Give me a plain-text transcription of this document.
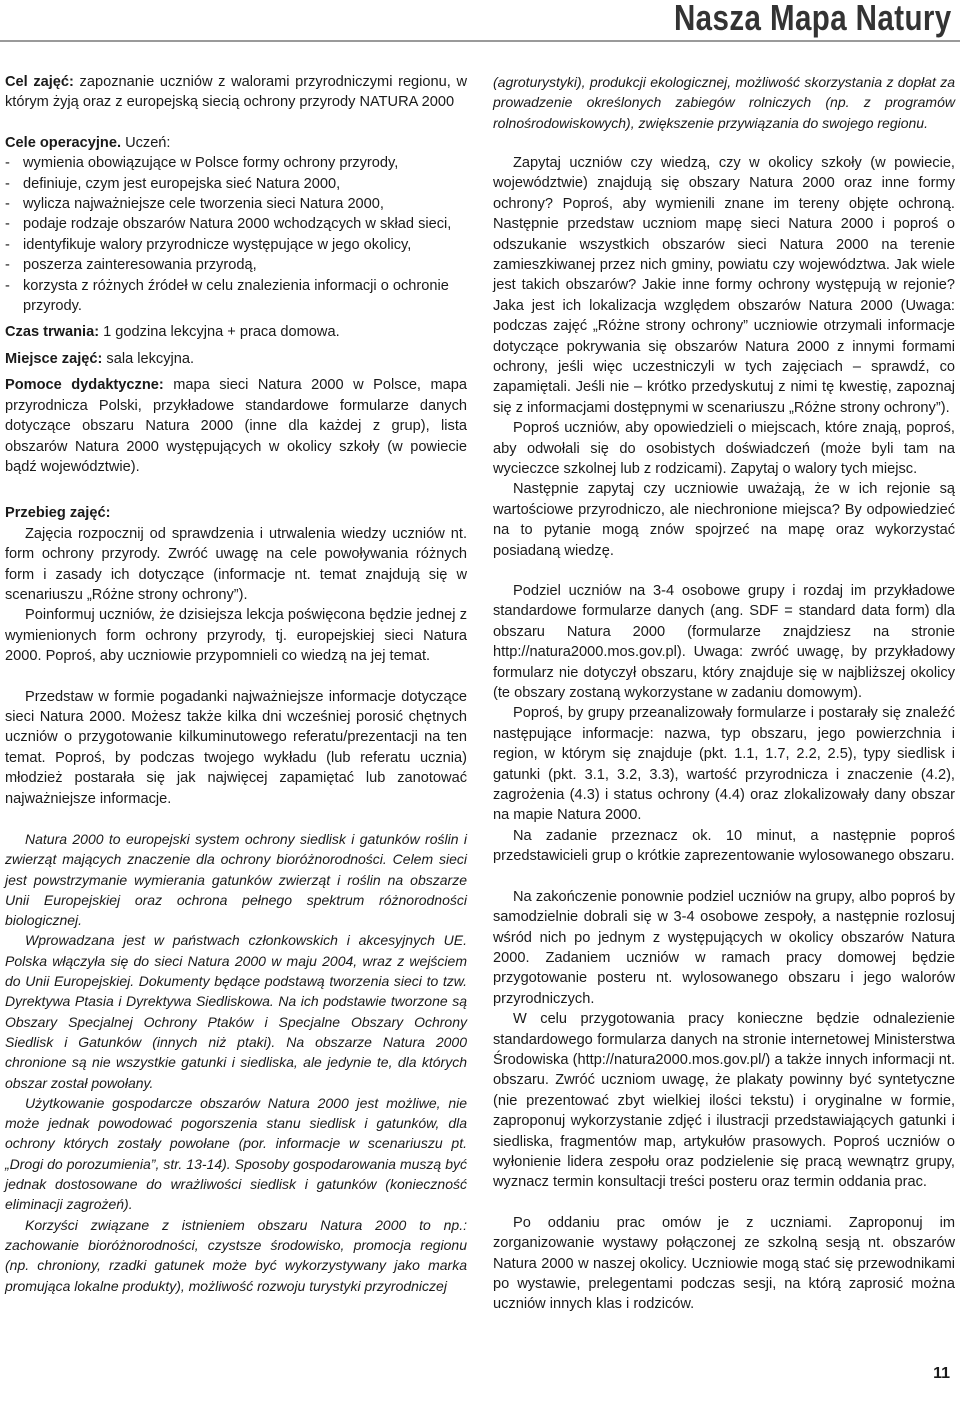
Nasza Mapa Natury

Cel zajęć: zapoznanie uczniów z walorami przyrodniczymi regionu, w którym żyją oraz z europejską siecią ochrony przyrody NATURA 2000

Cele operacyjne. Uczeń:

- wymienia obowiązujące w Polsce formy ochrony przyrody,
- definiuje, czym jest europejska sieć Natura 2000,
- wylicza najważniejsze cele tworzenia sieci Natura 2000,
- podaje rodzaje obszarów Natura 2000 wchodzących w skład sieci,
- identyfikuje walory przyrodnicze występujące w jego okolicy,
- poszerza zainteresowania przyrodą,
- korzysta z różnych źródeł w celu znalezienia informacji o ochronie przyrody.

Czas trwania: 1 godzina lekcyjna + praca domowa.

Miejsce zajęć: sala lekcyjna.

Pomoce dydaktyczne: mapa sieci Natura 2000 w Polsce, mapa przyrodnicza Polski, przykładowe standardowe formularze danych dotyczące obszaru Natura 2000 (inne dla każdej z grup), lista obszarów Natura 2000 występujących w okolicy szkoły (w powiecie bądź województwie).

Przebieg zajęć:

Zajęcia rozpocznij od sprawdzenia i utrwalenia wiedzy uczniów nt. form ochrony przyrody. Zwróć uwagę na cele powoływania różnych form i zasady ich dotyczące (informacje nt. temat znajdują się w scenariuszu „Różne strony ochrony”).

Poinformuj uczniów, że dzisiejsza lekcja poświęcona będzie jednej z wymienionych form ochrony przyrody, tj. europejskiej sieci Natura 2000. Poproś, aby uczniowie przypomnieli co wiedzą na jej temat.

Przedstaw w formie pogadanki najważniejsze informacje dotyczące sieci Natura 2000. Możesz także kilka dni wcześniej porosić chętnych uczniów o przygotowanie kilkuminutowego referatu/prezentacji na ten temat. Poproś, by podczas twojego wykładu (lub referatu ucznia) młodzież postarała się jak najwięcej zapamiętać lub zanotować najważniejsze informacje.

Natura 2000 to europejski system ochrony siedlisk i gatunków roślin i zwierząt mających znaczenie dla ochrony bioróżnorodności. Celem sieci jest powstrzymanie wymierania gatunków zwierząt i roślin na obszarze Unii Europejskiej oraz ochrona pełnego spektrum różnorodności biologicznej.

Wprowadzana jest w państwach członkowskich i akcesyjnych UE. Polska włączyła się do sieci Natura 2000 w maju 2004, wraz z wejściem do Unii Europejskiej. Dokumenty będące podstawą tworzenia sieci to tzw. Dyrektywa Ptasia i Dyrektywa Siedliskowa. Na ich podstawie tworzone są Obszary Specjalnej Ochrony Ptaków i Specjalne Obszary Ochrony Siedlisk i Gatunków (innych niż ptaki). Na obszarze Natura 2000 chronione są nie wszystkie gatunki i siedliska, ale jedynie te, dla których obszar został powołany.

Użytkowanie gospodarcze obszarów Natura 2000 jest możliwe, nie może jednak powodować pogorszenia stanu siedlisk i gatunków, dla ochrony których zostały powołane (por. informacje w scenariuszu pt. „Drogi do porozumienia”, str. 13-14). Sposoby gospodarowania muszą być jednak dostosowane do wrażliwości siedlisk i gatunków (konieczność eliminacji zagrożeń).

Korzyści związane z istnieniem obszaru Natura 2000 to np.: zachowanie bioróżnorodności, czystsze środowisko, promocja regionu (np. chroniony, rzadki gatunek może być wykorzystywany jako marka promująca lokalne produkty), możliwość rozwoju turystyki przyrodniczej

(agroturystyki), produkcji ekologicznej, możliwość skorzystania z dopłat za prowadzenie określonych zabiegów rolniczych (np. z programów rolnośrodowiskowych), zwiększenie przywiązania do swojego regionu.

Zapytaj uczniów czy wiedzą, czy w okolicy szkoły (w powiecie, województwie) znajdują się obszary Natura 2000 oraz inne formy ochrony? Poproś, aby wymienili znane im tereny objęte ochroną. Następnie przedstaw uczniom mapę sieci Natura 2000 i poproś o odszukanie wszystkich obszarów sieci Natura 2000 na terenie zamieszkiwanej przez nich gminy, powiatu czy województwa. Jak wiele jest takich obszarów? Jakie inne formy ochrony występują w rejonie? Jaka jest ich lokalizacja względem obszarów Natura 2000 (Uwaga: podczas zajęć „Różne strony ochrony” uczniowie otrzymali informacje dotyczące pokrywania się obszarów Natura 2000 z innymi formami ochrony, jeśli więc uczestniczyli w tych zajęciach – sprawdź, co zapamiętali. Jeśli nie – krótko przedyskutuj z nimi tę kwestię, zapoznaj się z informacjami dostępnymi w scenariuszu „Różne strony ochrony”).

Poproś uczniów, aby opowiedzieli o miejscach, które znają, poproś, aby odwołali się do osobistych doświadczeń (może byli tam na wycieczce szkolnej lub z rodzicami). Zapytaj o walory tych miejsc.

Następnie zapytaj czy uczniowie uważają, że w ich rejonie są wartościowe przyrodniczo, ale niechronione miejsca? By odpowiedzieć na to pytanie mogą znów spojrzeć na mapę oraz wykorzystać posiadaną wiedzę.

Podziel uczniów na 3-4 osobowe grupy i rozdaj im przykładowe standardowe formularze danych (ang. SDF = standard data form) dla obszaru Natura 2000 (formularze znajdziesz na stronie http://natura2000.mos.gov.pl). Uwaga: zwróć uwagę, by przykładowy formularz nie dotyczył obszaru, który znajduje się w najbliższej okolicy (te obszary zostaną wykorzystane w zadaniu domowym).

Poproś, by grupy przeanalizowały formularze i postarały się znaleźć następujące informacje: nazwa, typ obszaru, jego powierzchnia i region, w którym się znajduje (pkt. 1.1, 1.7, 2.2, 2.5), typy siedlisk i gatunki (pkt. 3.1, 3.2, 3.3), wartość przyrodnicza i znaczenie (4.2), zagrożenia (4.3) i status ochrony (4.4) oraz zlokalizowały dany obszar na mapie Natura 2000.

Na zadanie przeznacz ok. 10 minut, a następnie poproś przedstawicieli grup o krótkie zaprezentowanie wylosowanego obszaru.

Na zakończenie ponownie podziel uczniów na grupy, albo poproś by samodzielnie dobrali się w 3-4 osobowe zespoły, a następnie rozlosuj wśród nich po jednym z występujących w okolicy obszarów Natura 2000. Zadaniem uczniów w ramach pracy domowej będzie przygotowanie posteru nt. wylosowanego obszaru i jego walorów przyrodniczych.

W celu przygotowania pracy konieczne będzie odnalezienie standardowego formularza danych na stronie internetowej Ministerstwa Środowiska (http://natura2000.mos.gov.pl/) a także innych informacji nt. obszaru. Zwróć uczniom uwagę, że plakaty powinny być syntetyczne (nie prezentować zbyt wielkiej ilości tekstu) i oryginalne w formie, zaproponuj wykorzystanie zdjęć i ilustracji przedstawiających gatunki i siedliska, fragmentów map, artykułów prasowych. Poproś uczniów o wyłonienie lidera zespołu oraz podzielenie się pracą wewnątrz grupy, wyznacz termin konsultacji treści posteru oraz termin oddania prac.

Po oddaniu prac omów je z uczniami. Zaproponuj im zorganizowanie wystawy połączonej ze szkolną sesją nt. obszarów Natura 2000 w naszej okolicy. Uczniowie mogą stać się przewodnikami po wystawie, prelegentami podczas sesji, na którą zaprosić można uczniów innych klas i rodziców.

11
